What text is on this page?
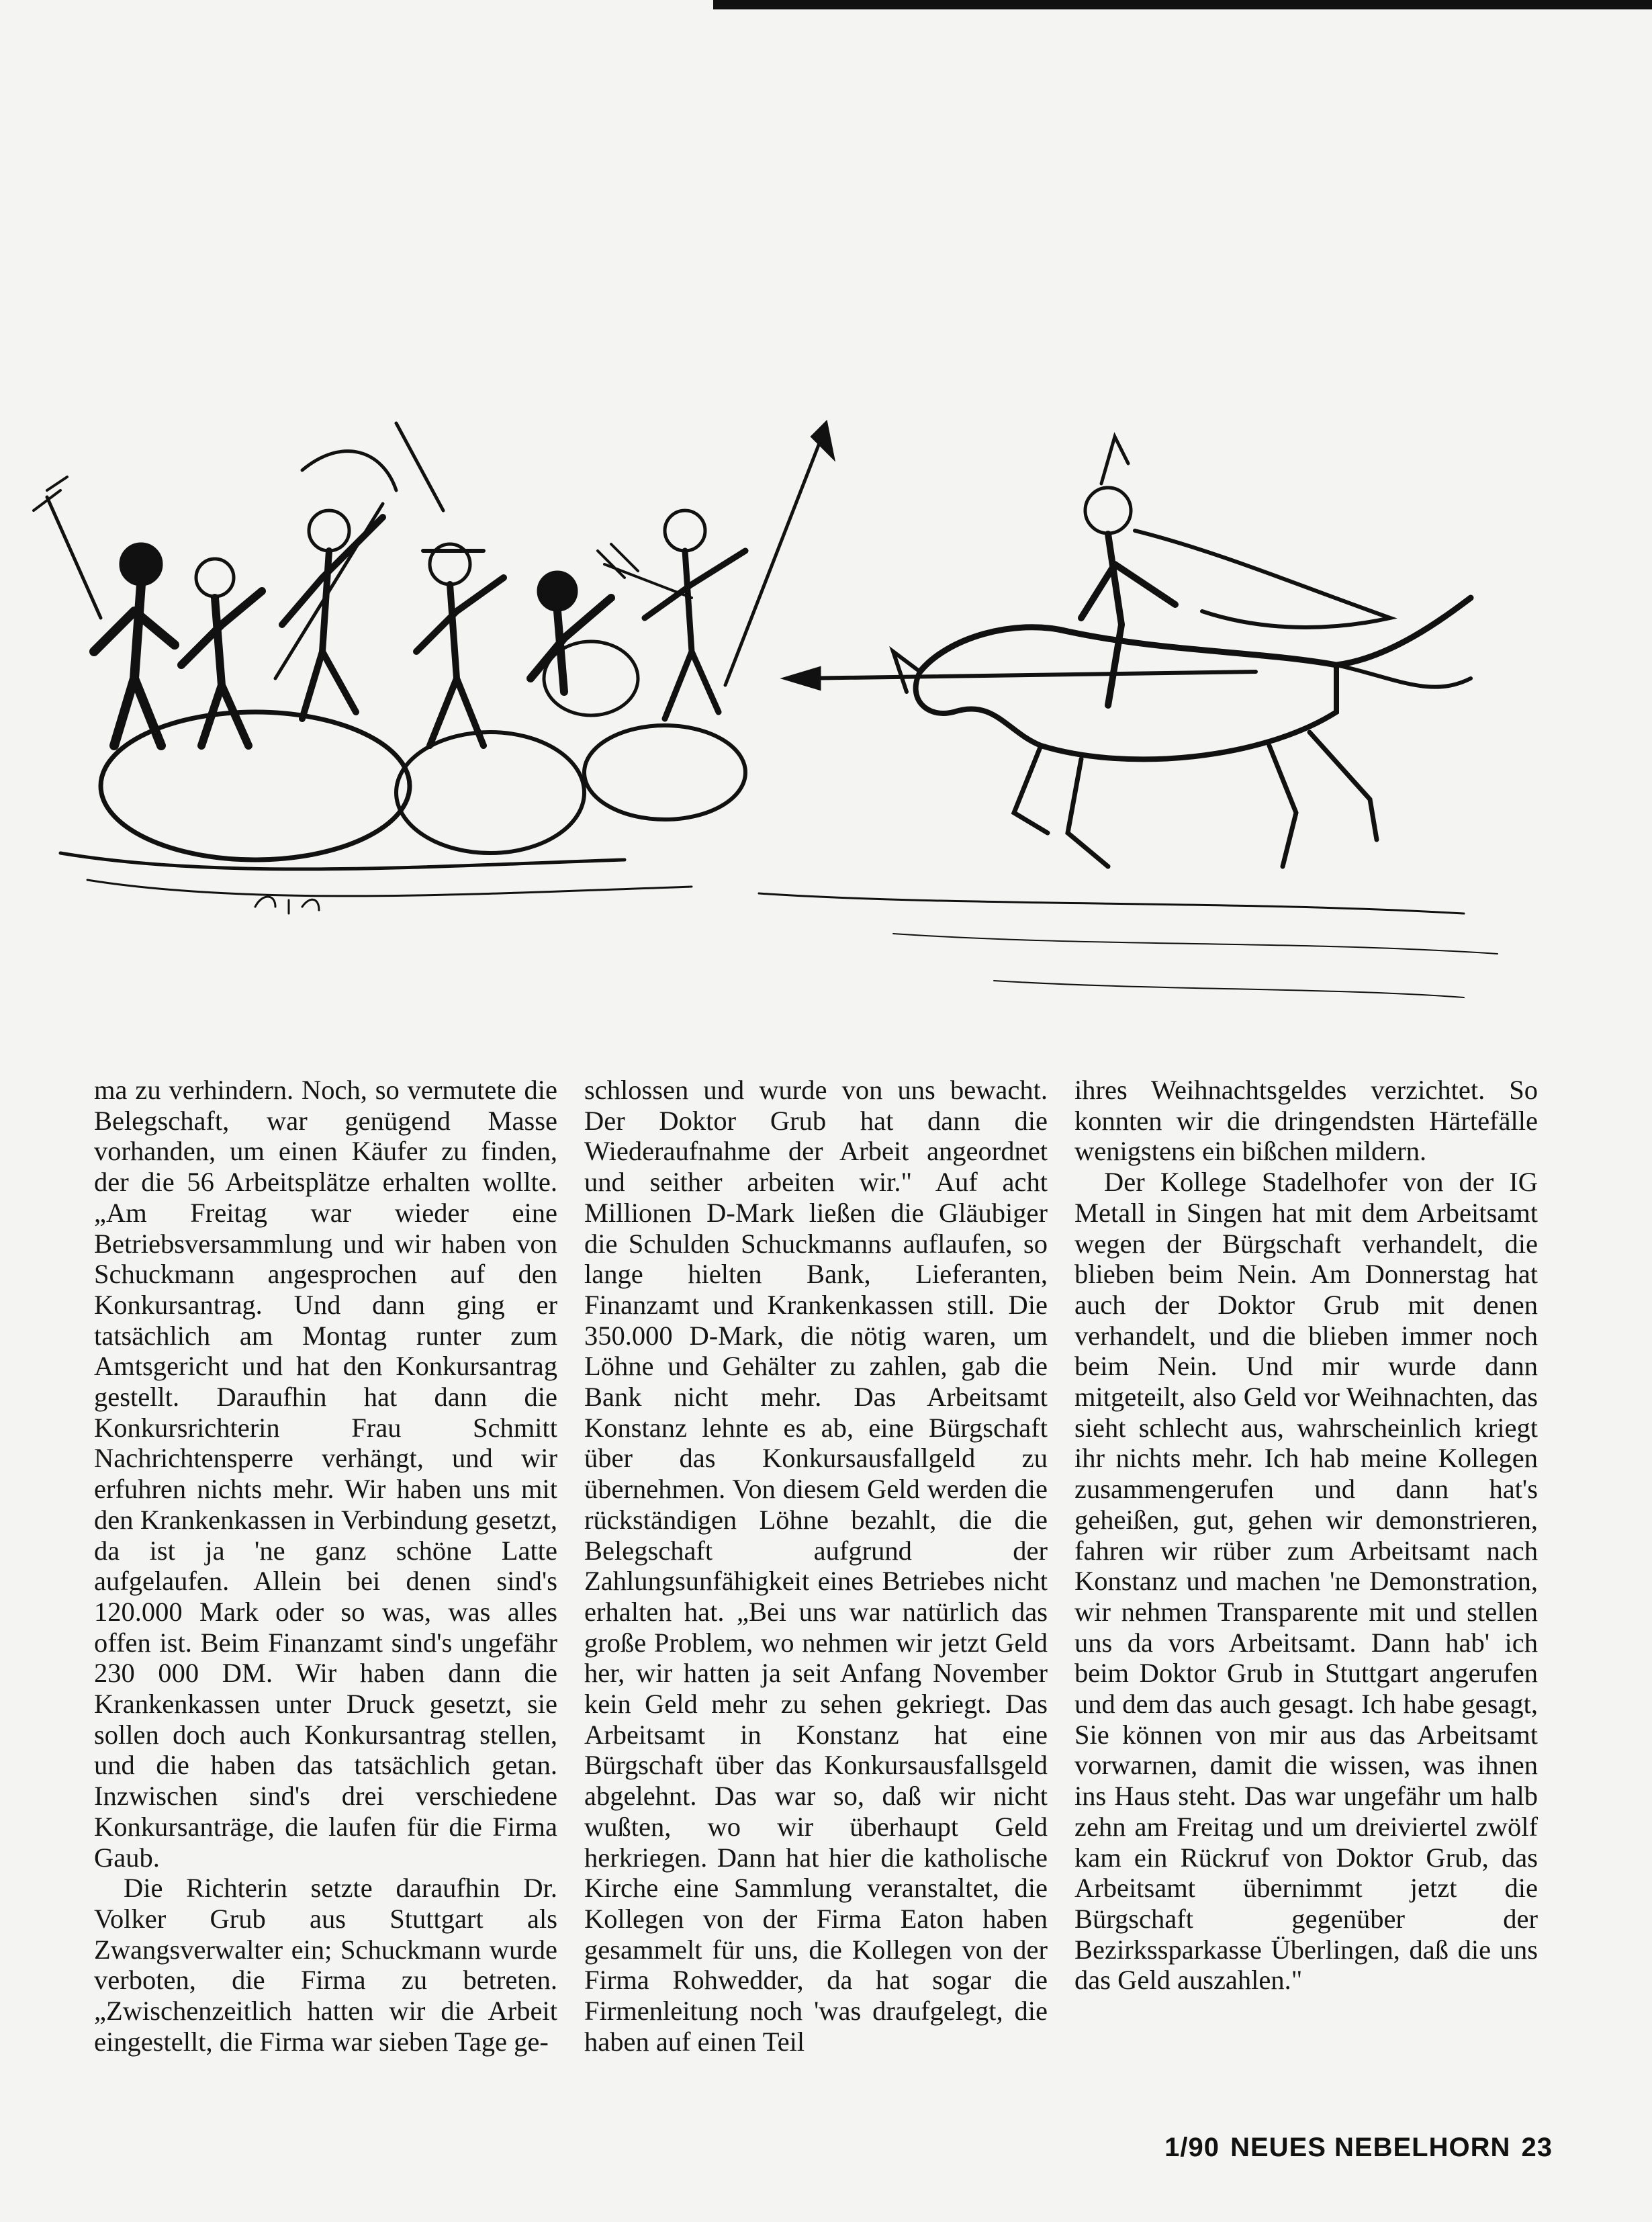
ma zu verhindern. Noch, so vermutete die Belegschaft, war genügend Masse vorhanden, um einen Käufer zu finden, der die 56 Arbeitsplätze erhalten wollte. „Am Freitag war wieder eine Betriebsversammlung und wir haben von Schuckmann angesprochen auf den Konkursantrag. Und dann ging er tatsächlich am Montag runter zum Amtsgericht und hat den Konkursantrag gestellt. Daraufhin hat dann die Konkursrichterin Frau Schmitt Nachrichtensperre verhängt, und wir erfuhren nichts mehr. Wir haben uns mit den Krankenkassen in Verbindung gesetzt, da ist ja 'ne ganz schöne Latte aufgelaufen. Allein bei denen sind's 120.000 Mark oder so was, was alles offen ist. Beim Finanzamt sind's ungefähr 230 000 DM. Wir haben dann die Krankenkassen unter Druck gesetzt, sie sollen doch auch Konkursantrag stellen, und die haben das tatsächlich getan. Inzwischen sind's drei verschiedene Konkursanträge, die laufen für die Firma Gaub.

Die Richterin setzte daraufhin Dr. Volker Grub aus Stuttgart als Zwangsverwalter ein; Schuckmann wurde verboten, die Firma zu betreten. „Zwischenzeitlich hatten wir die Arbeit eingestellt, die Firma war sieben Tage ge-

schlossen und wurde von uns bewacht. Der Doktor Grub hat dann die Wiederaufnahme der Arbeit angeordnet und seither arbeiten wir." Auf acht Millionen D-Mark ließen die Gläubiger die Schulden Schuckmanns auflaufen, so lange hielten Bank, Lieferanten, Finanzamt und Krankenkassen still. Die 350.000 D-Mark, die nötig waren, um Löhne und Gehälter zu zahlen, gab die Bank nicht mehr. Das Arbeitsamt Konstanz lehnte es ab, eine Bürgschaft über das Konkursausfallgeld zu übernehmen. Von diesem Geld werden die rückständigen Löhne bezahlt, die die Belegschaft aufgrund der Zahlungsunfähigkeit eines Betriebes nicht erhalten hat. „Bei uns war natürlich das große Problem, wo nehmen wir jetzt Geld her, wir hatten ja seit Anfang November kein Geld mehr zu sehen gekriegt. Das Arbeitsamt in Konstanz hat eine Bürgschaft über das Konkursausfallsgeld abgelehnt. Das war so, daß wir nicht wußten, wo wir überhaupt Geld herkriegen. Dann hat hier die katholische Kirche eine Sammlung veranstaltet, die Kollegen von der Firma Eaton haben gesammelt für uns, die Kollegen von der Firma Rohwedder, da hat sogar die Firmenleitung noch 'was draufgelegt, die haben auf einen Teil

ihres Weihnachtsgeldes verzichtet. So konnten wir die dringendsten Härtefälle wenigstens ein bißchen mildern.

Der Kollege Stadelhofer von der IG Metall in Singen hat mit dem Arbeitsamt wegen der Bürgschaft verhandelt, die blieben beim Nein. Am Donnerstag hat auch der Doktor Grub mit denen verhandelt, und die blieben immer noch beim Nein. Und mir wurde dann mitgeteilt, also Geld vor Weihnachten, das sieht schlecht aus, wahrscheinlich kriegt ihr nichts mehr. Ich hab meine Kollegen zusammengerufen und dann hat's geheißen, gut, gehen wir demonstrieren, fahren wir rüber zum Arbeitsamt nach Konstanz und machen 'ne Demonstration, wir nehmen Transparente mit und stellen uns da vors Arbeitsamt. Dann hab' ich beim Doktor Grub in Stuttgart angerufen und dem das auch gesagt. Ich habe gesagt, Sie können von mir aus das Arbeitsamt vorwarnen, damit die wissen, was ihnen ins Haus steht. Das war ungefähr um halb zehn am Freitag und um dreiviertel zwölf kam ein Rückruf von Doktor Grub, das Arbeitsamt übernimmt jetzt die Bürgschaft gegenüber der Bezirkssparkasse Überlingen, daß die uns das Geld auszahlen."

1/90 NEUES NEBELHORN 23
